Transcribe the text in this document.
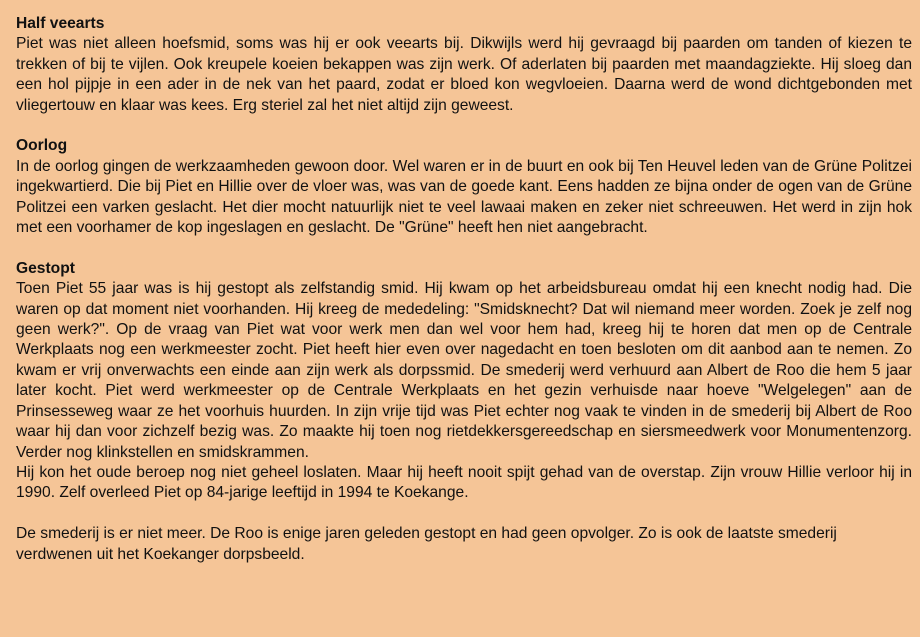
Half veearts

Piet was niet alleen hoefsmid, soms was hij er ook veearts bij. Dikwijls werd hij gevraagd bij paarden om tanden of kiezen te trekken of bij te vijlen. Ook kreupele koeien bekappen was zijn werk. Of aderlaten bij paarden met maandagziekte. Hij sloeg dan een hol pijpje in een ader in de nek van het paard, zodat er bloed kon wegvloeien. Daarna werd de wond dichtgebonden met vliegertouw en klaar was kees. Erg steriel zal het niet altijd zijn geweest.

Oorlog

In de oorlog gingen de werkzaamheden gewoon door. Wel waren er in de buurt en ook bij Ten Heuvel leden van de Grüne Politzei ingekwartierd. Die bij Piet en Hillie over de vloer was, was van de goede kant. Eens hadden ze bijna onder de ogen van de Grüne Politzei een varken geslacht. Het dier mocht natuurlijk niet te veel lawaai maken en zeker niet schreeuwen. Het werd in zijn hok met een voorhamer de kop ingeslagen en geslacht. De "Grüne" heeft hen niet aangebracht.

Gestopt

Toen Piet 55 jaar was is hij gestopt als zelfstandig smid. Hij kwam op het arbeidsbureau omdat hij een knecht nodig had. Die waren op dat moment niet voorhanden. Hij kreeg de mededeling: "Smidsknecht? Dat wil niemand meer worden. Zoek je zelf nog geen werk?". Op de vraag van Piet wat voor werk men dan wel voor hem had, kreeg hij te horen dat men op de Centrale Werkplaats nog een werkmeester zocht. Piet heeft hier even over nagedacht en toen besloten om dit aanbod aan te nemen. Zo kwam er vrij onverwachts een einde aan zijn werk als dorpssmid. De smederij werd verhuurd aan Albert de Roo die hem 5 jaar later kocht. Piet werd werkmeester op de Centrale Werkplaats en het gezin verhuisde naar hoeve "Welgelegen" aan de Prinsesseweg waar ze het voorhuis huurden. In zijn vrije tijd was Piet echter nog vaak te vinden in de smederij bij Albert de Roo waar hij dan voor zichzelf bezig was. Zo maakte hij toen nog rietdekkersgereedschap en siersmeedwerk voor Monumentenzorg. Verder nog klinkstellen en smidskrammen.

Hij kon het oude beroep nog niet geheel loslaten. Maar hij heeft nooit spijt gehad van de overstap. Zijn vrouw Hillie verloor hij in 1990. Zelf overleed Piet op 84-jarige leeftijd in 1994 te Koekange.

De smederij is er niet meer. De Roo is enige jaren geleden gestopt en had geen opvolger. Zo is ook de laatste smederij verdwenen uit het Koekanger dorpsbeeld.
